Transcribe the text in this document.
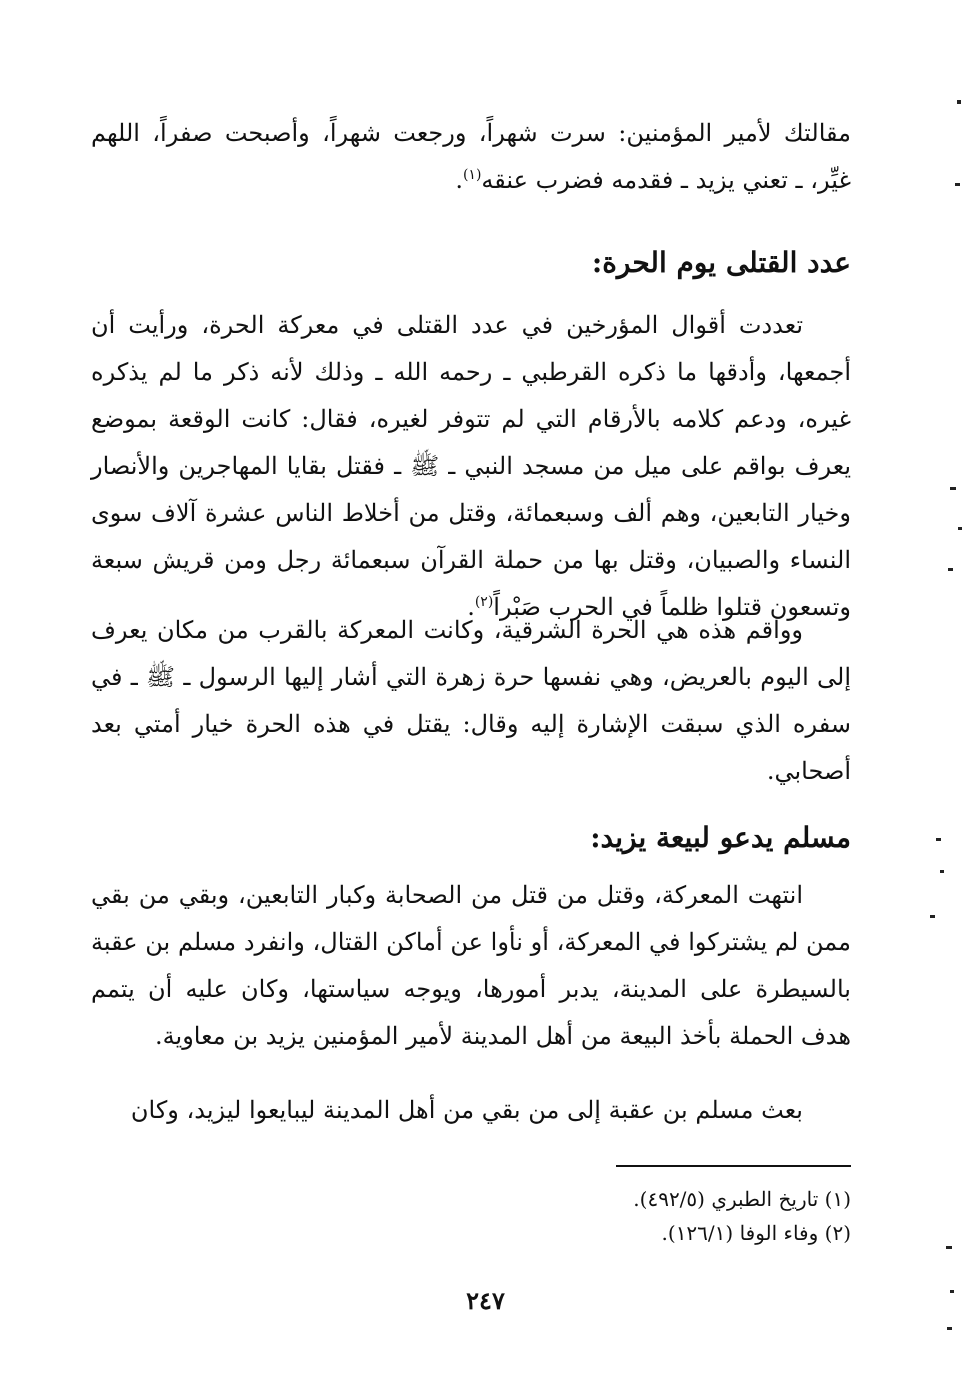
مقالتك لأمير المؤمنين: سرت شهراً، ورجعت شهراً، وأصبحت صفراً، اللهم غيِّر، ـ تعني يزيد ـ فقدمه فضرب عنقه$^{(١)}$.
عدد القتلى يوم الحرة:
تعددت أقوال المؤرخين في عدد القتلى في معركة الحرة، ورأيت أن أجمعها، وأدقها ما ذكره القرطبي ـ رحمه الله ـ وذلك لأنه ذكر ما لم يذكره غيره، ودعم كلامه بالأرقام التي لم تتوفر لغيره، فقال: كانت الوقعة بموضع يعرف بواقم على ميل من مسجد النبي ـ ﷺ ـ فقتل بقايا المهاجرين والأنصار وخيار التابعين، وهم ألف وسبعمائة، وقتل من أخلاط الناس عشرة آلاف سوى النساء والصبيان، وقتل بها من حملة القرآن سبعمائة رجل ومن قريش سبعة وتسعون قتلوا ظلماً في الحرب صَبْراً$^{(٢)}$.
وواقم هذه هي الحرة الشرقية، وكانت المعركة بالقرب من مكان يعرف إلى اليوم بالعريض، وهي نفسها حرة زهرة التي أشار إليها الرسول ـ ﷺ ـ في سفره الذي سبقت الإشارة إليه وقال: يقتل في هذه الحرة خيار أمتي بعد أصحابي.
مسلم يدعو لبيعة يزيد:
انتهت المعركة، وقتل من قتل من الصحابة وكبار التابعين، وبقي من بقي ممن لم يشتركوا في المعركة، أو نأوا عن أماكن القتال، وانفرد مسلم بن عقبة بالسيطرة على المدينة، يدبر أمورها، ويوجه سياستها، وكان عليه أن يتمم هدف الحملة بأخذ البيعة من أهل المدينة لأمير المؤمنين يزيد بن معاوية.
بعث مسلم بن عقبة إلى من بقي من أهل المدينة ليبايعوا ليزيد، وكان
(١) تاريخ الطبري (٤٩٢/٥).
(٢) وفاء الوفا (١٢٦/١).
٢٤٧
